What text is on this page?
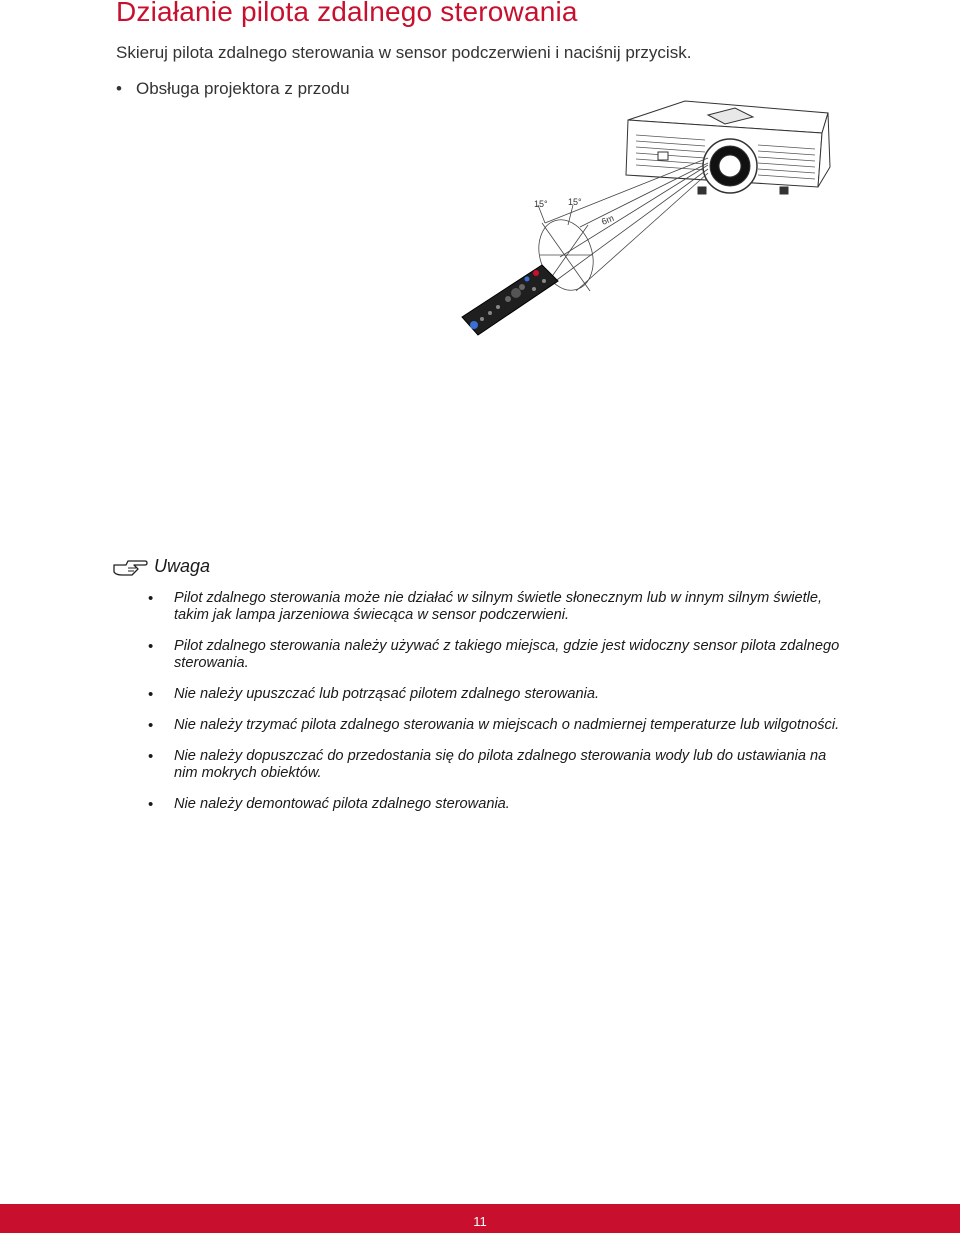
Działanie pilota zdalnego sterowania

Skieruj pilota zdalnego sterowania w sensor podczerwieni i naciśnij przycisk.

• Obsługa projektora z przodu

15° 15°
6m
Uwaga
• Pilot zdalnego sterowania może nie działać w silnym świetle słonecznym lub w innym silnym świetle, takim jak lampa jarzeniowa świecąca w sensor podczerwieni.
• Pilot zdalnego sterowania należy używać z takiego miejsca, gdzie jest widoczny sensor pilota zdalnego sterowania.
• Nie należy upuszczać lub potrząsać pilotem zdalnego sterowania.
• Nie należy trzymać pilota zdalnego sterowania w miejscach o nadmiernej temperaturze lub wilgotności.
• Nie należy dopuszczać do przedostania się do pilota zdalnego sterowania wody lub do ustawiania na nim mokrych obiektów.
• Nie należy demontować pilota zdalnego sterowania.
11
